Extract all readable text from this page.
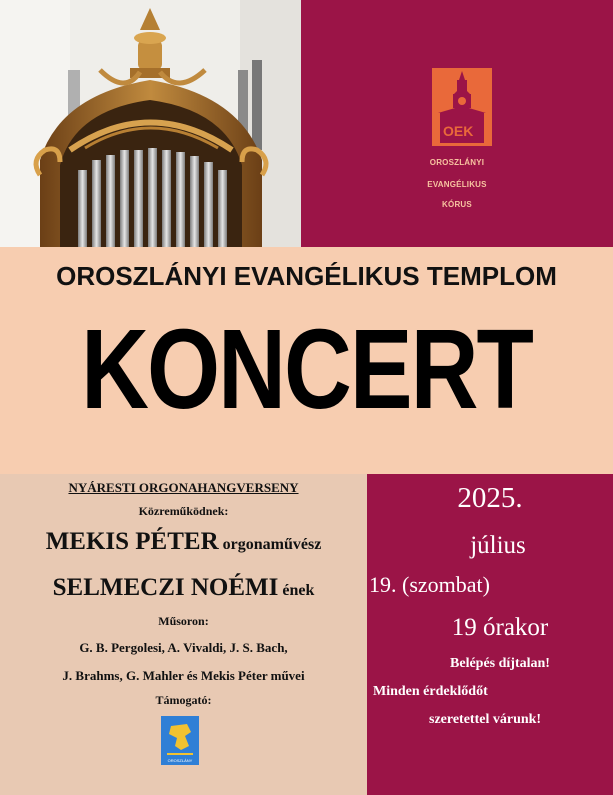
OEK
OROSZLÁNYI
EVANGÉLIKUS
KÓRUS
OROSZLÁNYI EVANGÉLIKUS TEMPLOM
KONCERT
NYÁRESTI ORGONAHANGVERSENY
Közreműködnek:
MEKIS PÉTER orgonaművész
SELMECZI NOÉMI ének
Műsoron:
G. B. Pergolesi, A. Vivaldi, J. S. Bach,
J. Brahms, G. Mahler és Mekis Péter művei
Támogató:
OROSZLÁNY
2025.
július
19. (szombat)
19 órakor
Belépés díjtalan!
Minden érdeklődőt
szeretettel várunk!
